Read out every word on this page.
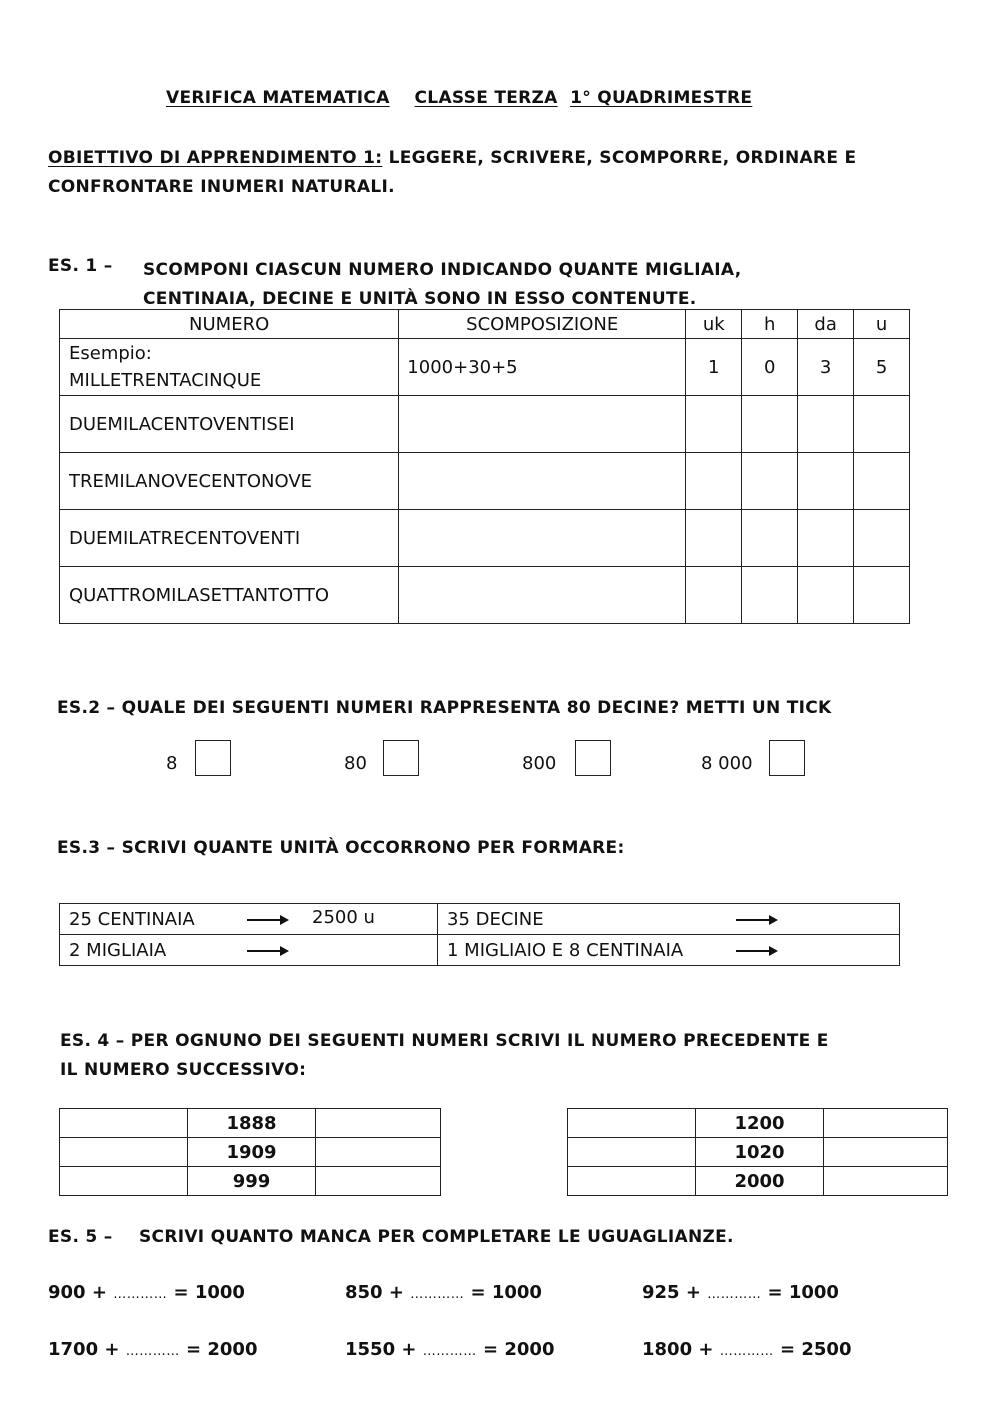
VERIFICA MATEMATICA CLASSE TERZA 1° QUADRIMESTRE
OBIETTIVO DI APPRENDIMENTO 1: LEGGERE, SCRIVERE, SCOMPORRE, ORDINARE E
CONFRONTARE INUMERI NATURALI.
ES. 1 – SCOMPONI CIASCUN NUMERO INDICANDO QUANTE MIGLIAIA,
CENTINAIA, DECINE E UNITÀ SONO IN ESSO CONTENUTE.
NUMERO	SCOMPOSIZIONE	uk	h	da	u
Esempio:
MILLETRENTACINQUE	1000+30+5	1	0	3	5
DUEMILACENTOVENTISEI					
TREMILANOVECENTONOVE					
DUEMILATRECENTOVENTI					
QUATTROMILASETTANTOTTO					
ES.2 – QUALE DEI SEGUENTI NUMERI RAPPRESENTA 80 DECINE? METTI UN TICK
8	80	800	8 000
ES.3 – SCRIVI QUANTE UNITÀ OCCORRONO PER FORMARE:
25 CENTINAIA 2500 u	35 DECINE

2 MIGLIAIA	1 MIGLIAIO E 8 CENTINAIA
ES. 4 – PER OGNUNO DEI SEGUENTI NUMERI SCRIVI IL NUMERO PRECEDENTE E
IL NUMERO SUCCESSIVO:
	1888	
	1909	
	999	
	1200	
	1020	
	2000	
ES. 5 – SCRIVI QUANTO MANCA PER COMPLETARE LE UGUAGLIANZE.
900 + ………… = 1000	850 + ………… = 1000	925 + ………… = 1000
1700 + ………… = 2000	1550 + ………… = 2000	1800 + ………… = 2500
